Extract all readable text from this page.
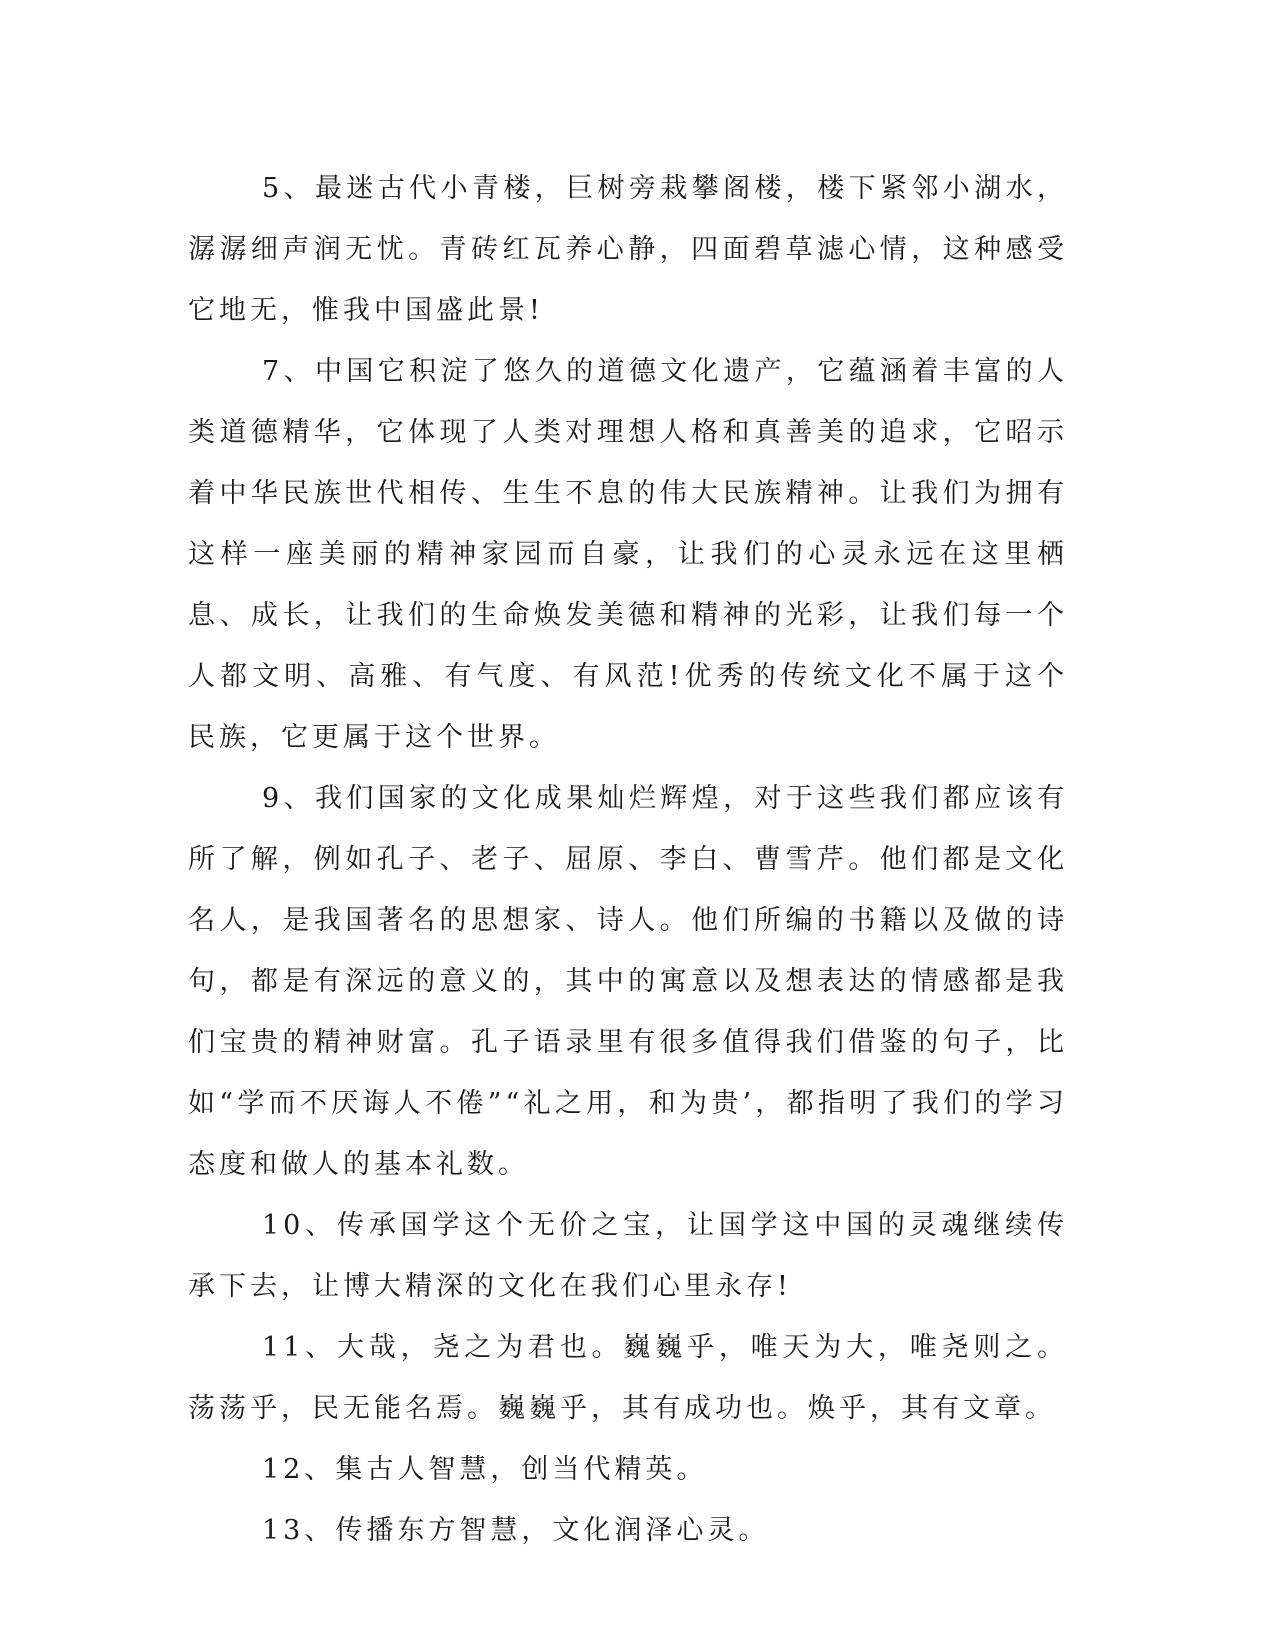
5、最迷古代小青楼，巨树旁栽攀阁楼，楼下紧邻小湖水，潺潺细声润无忧。青砖红瓦养心静，四面碧草滤心情，这种感受它地无，惟我中国盛此景!

7、中国它积淀了悠久的道德文化遗产，它蕴涵着丰富的人类道德精华，它体现了人类对理想人格和真善美的追求，它昭示着中华民族世代相传、生生不息的伟大民族精神。让我们为拥有这样一座美丽的精神家园而自豪，让我们的心灵永远在这里栖息、成长，让我们的生命焕发美德和精神的光彩，让我们每一个人都文明、高雅、有气度、有风范!优秀的传统文化不属于这个民族，它更属于这个世界。

9、我们国家的文化成果灿烂辉煌，对于这些我们都应该有所了解，例如孔子、老子、屈原、李白、曹雪芹。他们都是文化名人，是我国著名的思想家、诗人。他们所编的书籍以及做的诗句，都是有深远的意义的，其中的寓意以及想表达的情感都是我们宝贵的精神财富。孔子语录里有很多值得我们借鉴的句子，比如“学而不厌诲人不倦”“礼之用，和为贵’，都指明了我们的学习态度和做人的基本礼数。

10、传承国学这个无价之宝，让国学这中国的灵魂继续传承下去，让博大精深的文化在我们心里永存!

11、大哉，尧之为君也。巍巍乎，唯天为大，唯尧则之。荡荡乎，民无能名焉。巍巍乎，其有成功也。焕乎，其有文章。

12、集古人智慧，创当代精英。

13、传播东方智慧，文化润泽心灵。
